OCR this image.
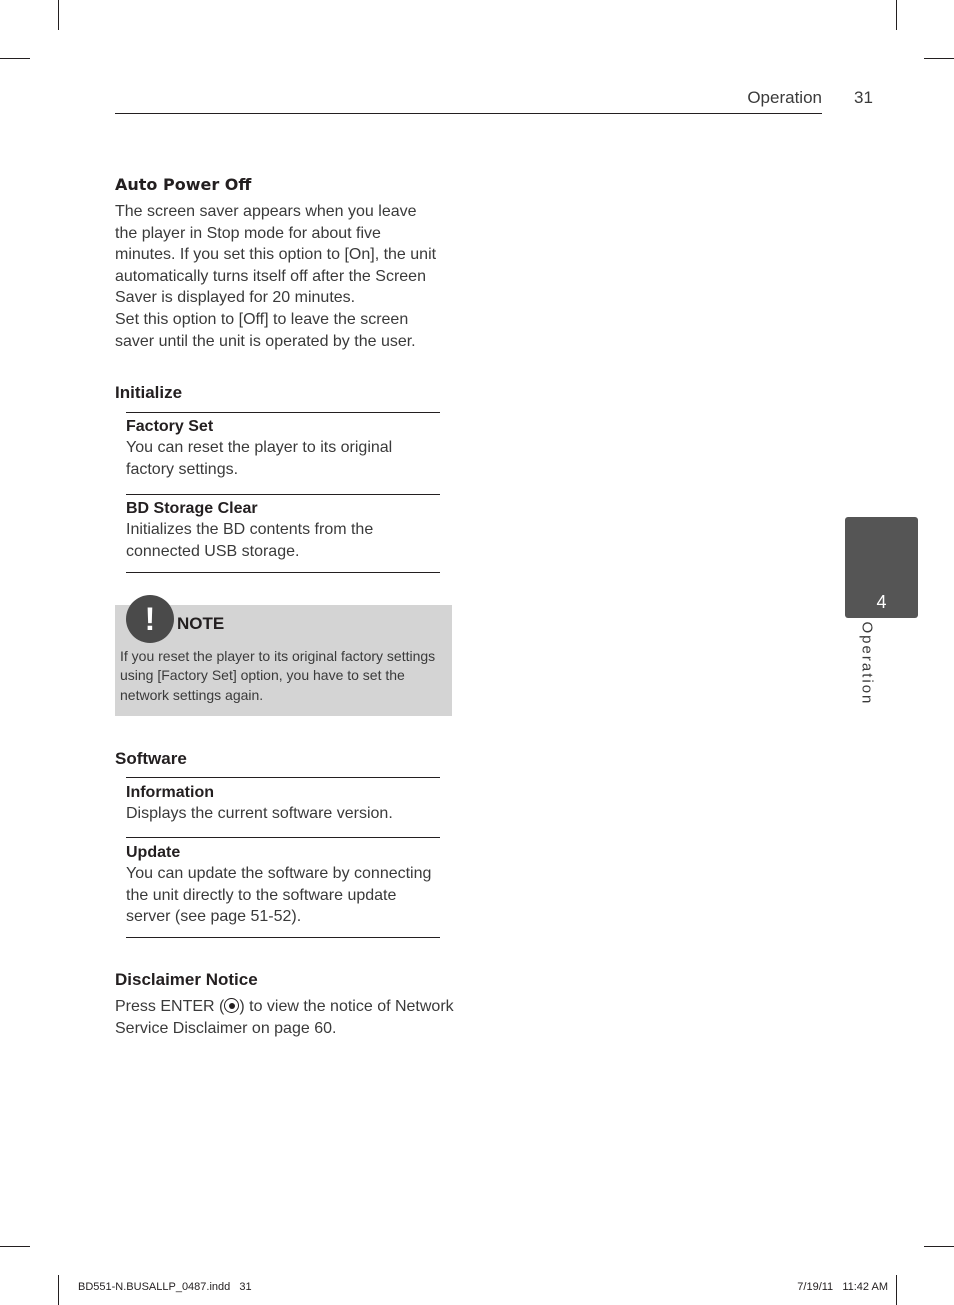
Operation 31
Auto Power Off

The screen saver appears when you leave

the player in Stop mode for about five

minutes. If you set this option to [On], the unit

automatically turns itself off after the Screen

Saver is displayed for 20 minutes.

Set this option to [Off] to leave the screen

saver until the unit is operated by the user.

Initialize

Factory Set

You can reset the player to its original

factory settings.

BD Storage Clear

Initializes the BD contents from the

connected USB storage.

!	NOTE
If you reset the player to its original factory settings
using [Factory Set] option, you have to set the
network settings again.
Software

Information

Displays the current software version.

Update

You can update the software by connecting

the unit directly to the software update

server (see page 51-52).

Disclaimer Notice

Press ENTER ( ) to view the notice of Network

Service Disclaimer on page 60.

4
Operation
BD551-N.BUSALLP_0487.indd   31	7/19/11   11:42 AM
